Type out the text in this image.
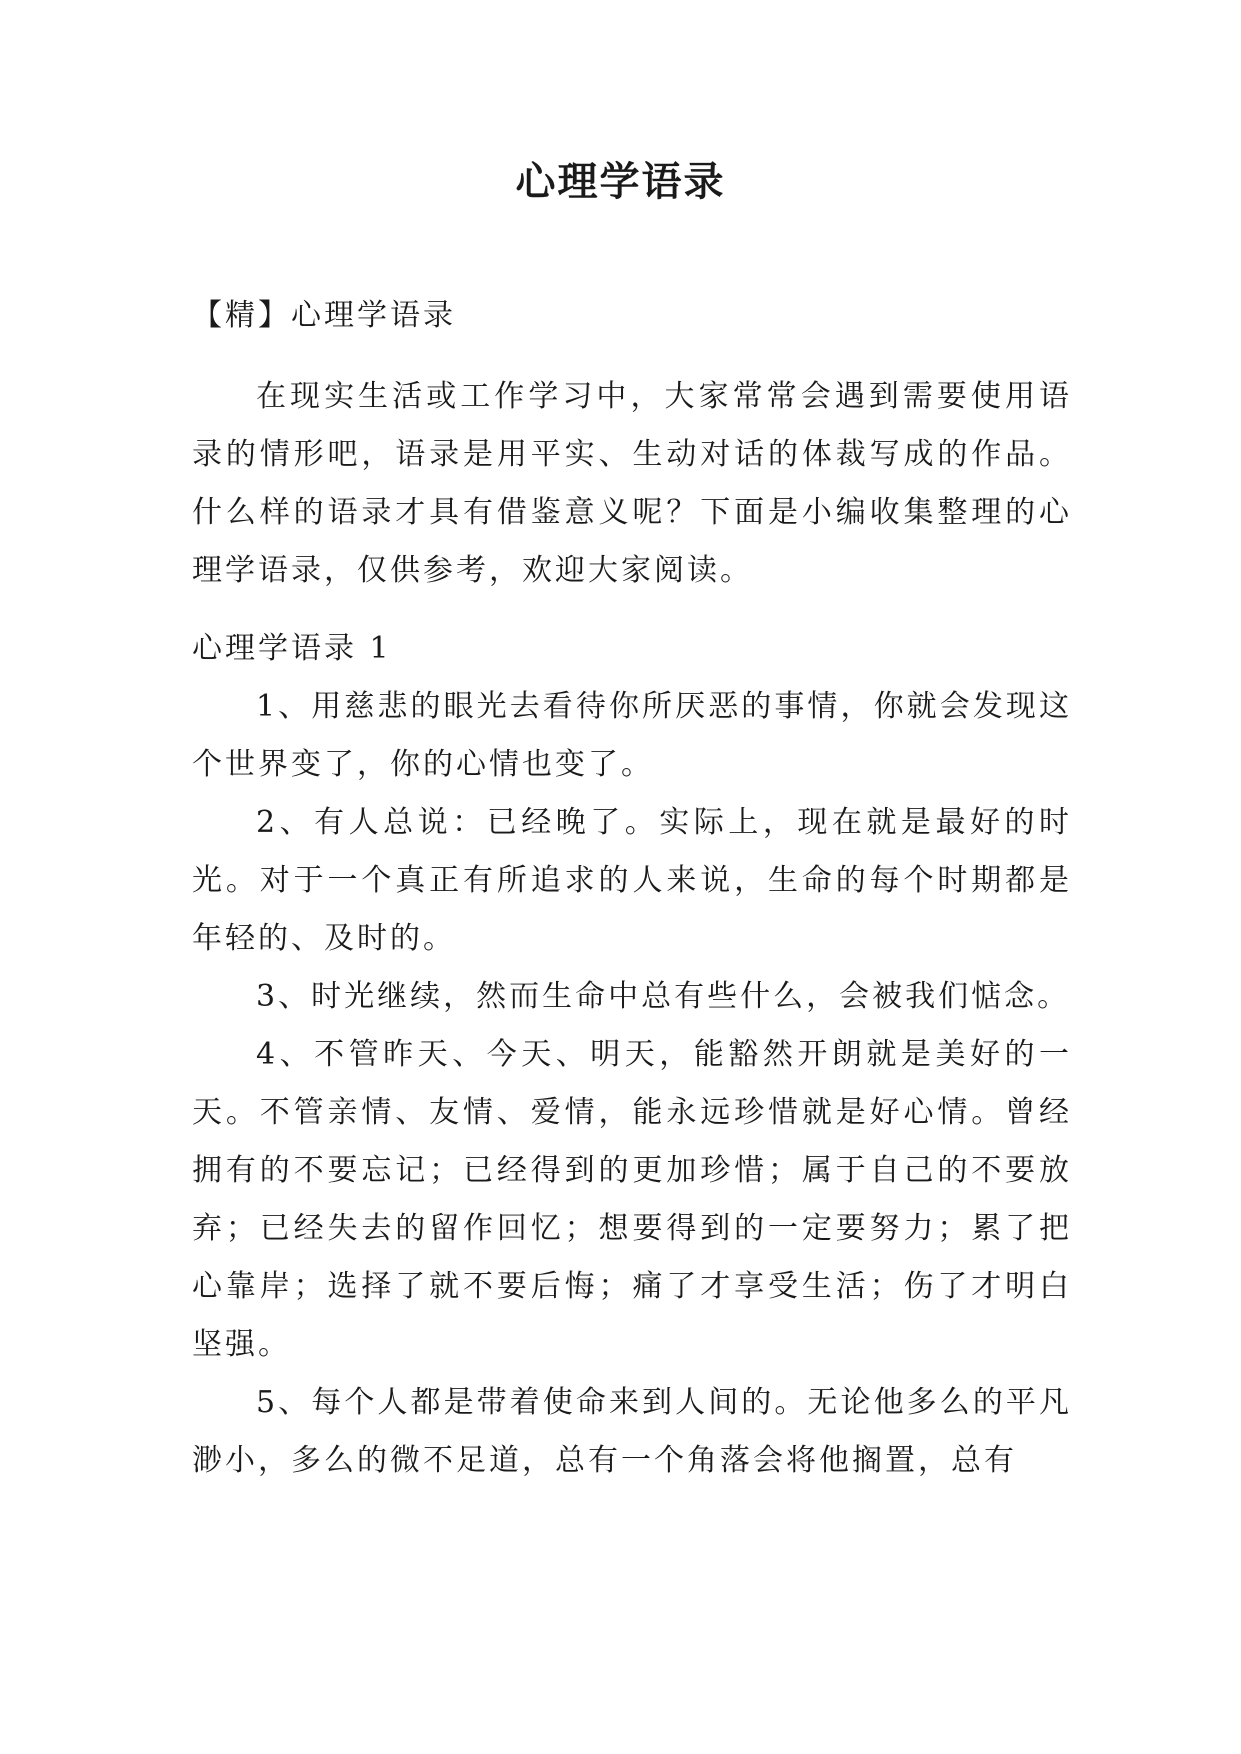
心理学语录
【精】心理学语录

在现实生活或工作学习中，大家常常会遇到需要使用语录的情形吧，语录是用平实、生动对话的体裁写成的作品。什么样的语录才具有借鉴意义呢？下面是小编收集整理的心理学语录，仅供参考，欢迎大家阅读。

心理学语录 1

1、用慈悲的眼光去看待你所厌恶的事情，你就会发现这个世界变了，你的心情也变了。

2、有人总说：已经晚了。实际上，现在就是最好的时光。对于一个真正有所追求的人来说，生命的每个时期都是年轻的、及时的。

3、时光继续，然而生命中总有些什么，会被我们惦念。

4、不管昨天、今天、明天，能豁然开朗就是美好的一天。不管亲情、友情、爱情，能永远珍惜就是好心情。曾经拥有的不要忘记；已经得到的更加珍惜；属于自己的不要放弃；已经失去的留作回忆；想要得到的一定要努力；累了把心靠岸；选择了就不要后悔；痛了才享受生活；伤了才明白坚强。

5、每个人都是带着使命来到人间的。无论他多么的平凡渺小，多么的微不足道，总有一个角落会将他搁置，总有
